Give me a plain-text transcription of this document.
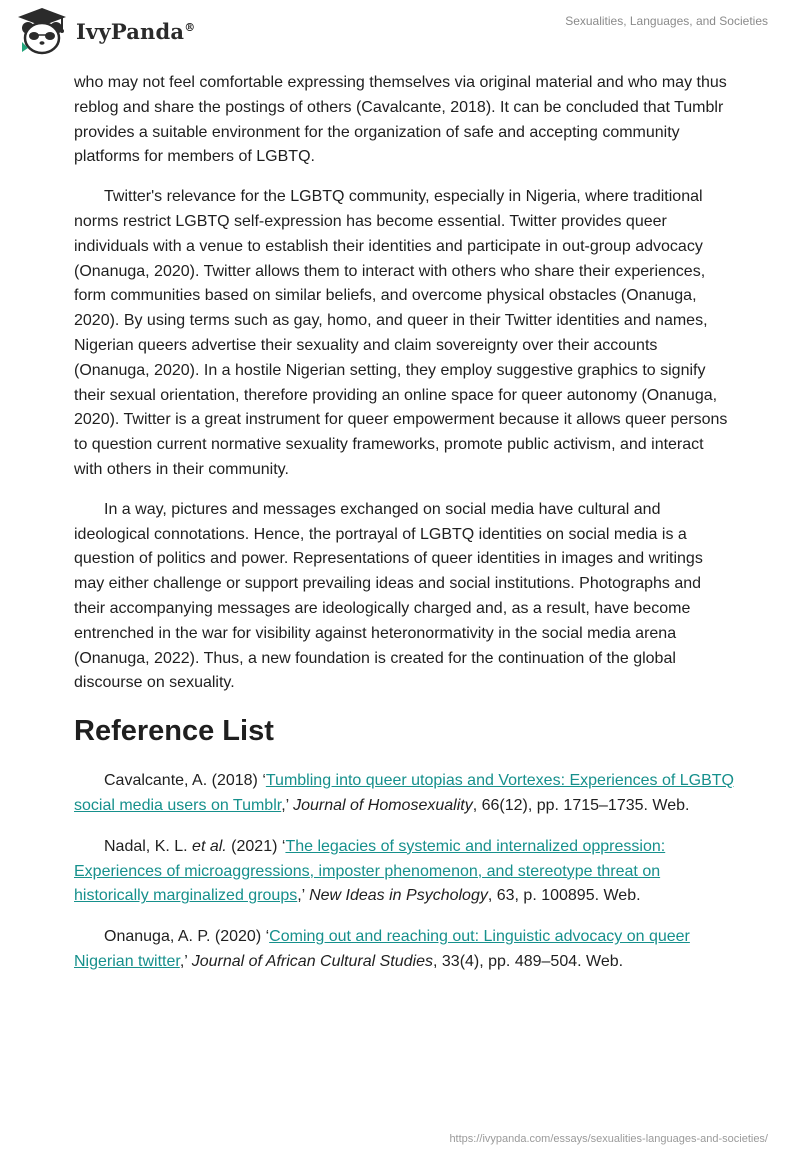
IvyPanda®	Sexualities, Languages, and Societies

who may not feel comfortable expressing themselves via original material and who may thus reblog and share the postings of others (Cavalcante, 2018). It can be concluded that Tumblr provides a suitable environment for the organization of safe and accepting community platforms for members of LGBTQ.

Twitter's relevance for the LGBTQ community, especially in Nigeria, where traditional norms restrict LGBTQ self-expression has become essential. Twitter provides queer individuals with a venue to establish their identities and participate in out-group advocacy (Onanuga, 2020). Twitter allows them to interact with others who share their experiences, form communities based on similar beliefs, and overcome physical obstacles (Onanuga, 2020). By using terms such as gay, homo, and queer in their Twitter identities and names, Nigerian queers advertise their sexuality and claim sovereignty over their accounts (Onanuga, 2020). In a hostile Nigerian setting, they employ suggestive graphics to signify their sexual orientation, therefore providing an online space for queer autonomy (Onanuga, 2020). Twitter is a great instrument for queer empowerment because it allows queer persons to question current normative sexuality frameworks, promote public activism, and interact with others in their community.

In a way, pictures and messages exchanged on social media have cultural and ideological connotations. Hence, the portrayal of LGBTQ identities on social media is a question of politics and power. Representations of queer identities in images and writings may either challenge or support prevailing ideas and social institutions. Photographs and their accompanying messages are ideologically charged and, as a result, have become entrenched in the war for visibility against heteronormativity in the social media arena (Onanuga, 2022). Thus, a new foundation is created for the continuation of the global discourse on sexuality.

Reference List

Cavalcante, A. (2018) ‘Tumbling into queer utopias and Vortexes: Experiences of LGBTQ social media users on Tumblr,’ Journal of Homosexuality, 66(12), pp. 1715–1735. Web.

Nadal, K. L. et al. (2021) ‘The legacies of systemic and internalized oppression: Experiences of microaggressions, imposter phenomenon, and stereotype threat on historically marginalized groups,’ New Ideas in Psychology, 63, p. 100895. Web.

Onanuga, A. P. (2020) ‘Coming out and reaching out: Linguistic advocacy on queer Nigerian twitter,’ Journal of African Cultural Studies, 33(4), pp. 489–504. Web.

https://ivypanda.com/essays/sexualities-languages-and-societies/
